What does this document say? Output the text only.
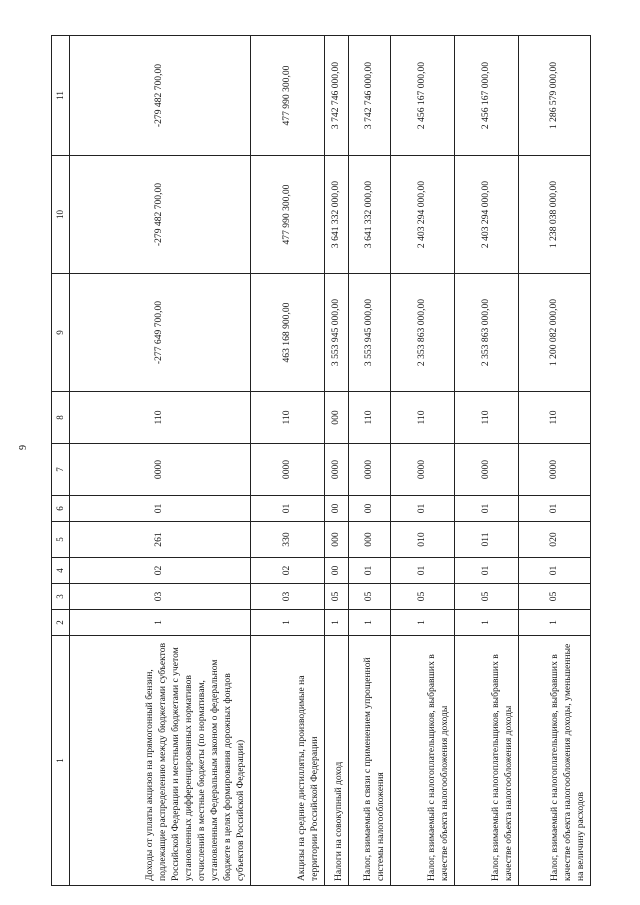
9
1	2	3	4	5	6	7	8	9	10	11
Доходы от уплаты акцизов на прямогонный бензин, подлежащие распределению между бюджетами субъектов Российской Федерации и местными бюджетами с учетом установленных дифференцированных нормативов отчислений в местные бюджеты (по нормативам, установленным Федеральным законом о федеральном бюджете в целях формирования дорожных фондов субъектов Российской Федерации)	1	03	02	261	01	0000	110	-277 649 700,00	-279 482 700,00	-279 482 700,00
Акцизы на средние дистилляты, производимые на территории Российской Федерации	1	03	02	330	01	0000	110	463 168 900,00	477 990 300,00	477 990 300,00
Налоги на совокупный доход	1	05	00	000	00	0000	000	3 553 945 000,00	3 641 332 000,00	3 742 746 000,00
Налог, взимаемый в связи с применением упрощенной системы налогообложения	1	05	01	000	00	0000	110	3 553 945 000,00	3 641 332 000,00	3 742 746 000,00
Налог, взимаемый с налогоплательщиков, выбравших в качестве объекта налогообложения доходы	1	05	01	010	01	0000	110	2 353 863 000,00	2 403 294 000,00	2 456 167 000,00
Налог, взимаемый с налогоплательщиков, выбравших в качестве объекта налогообложения доходы	1	05	01	011	01	0000	110	2 353 863 000,00	2 403 294 000,00	2 456 167 000,00
Налог, взимаемый с налогоплательщиков, выбравших в качестве объекта налогообложения доходы, уменьшенные на величину расходов	1	05	01	020	01	0000	110	1 200 082 000,00	1 238 038 000,00	1 286 579 000,00
